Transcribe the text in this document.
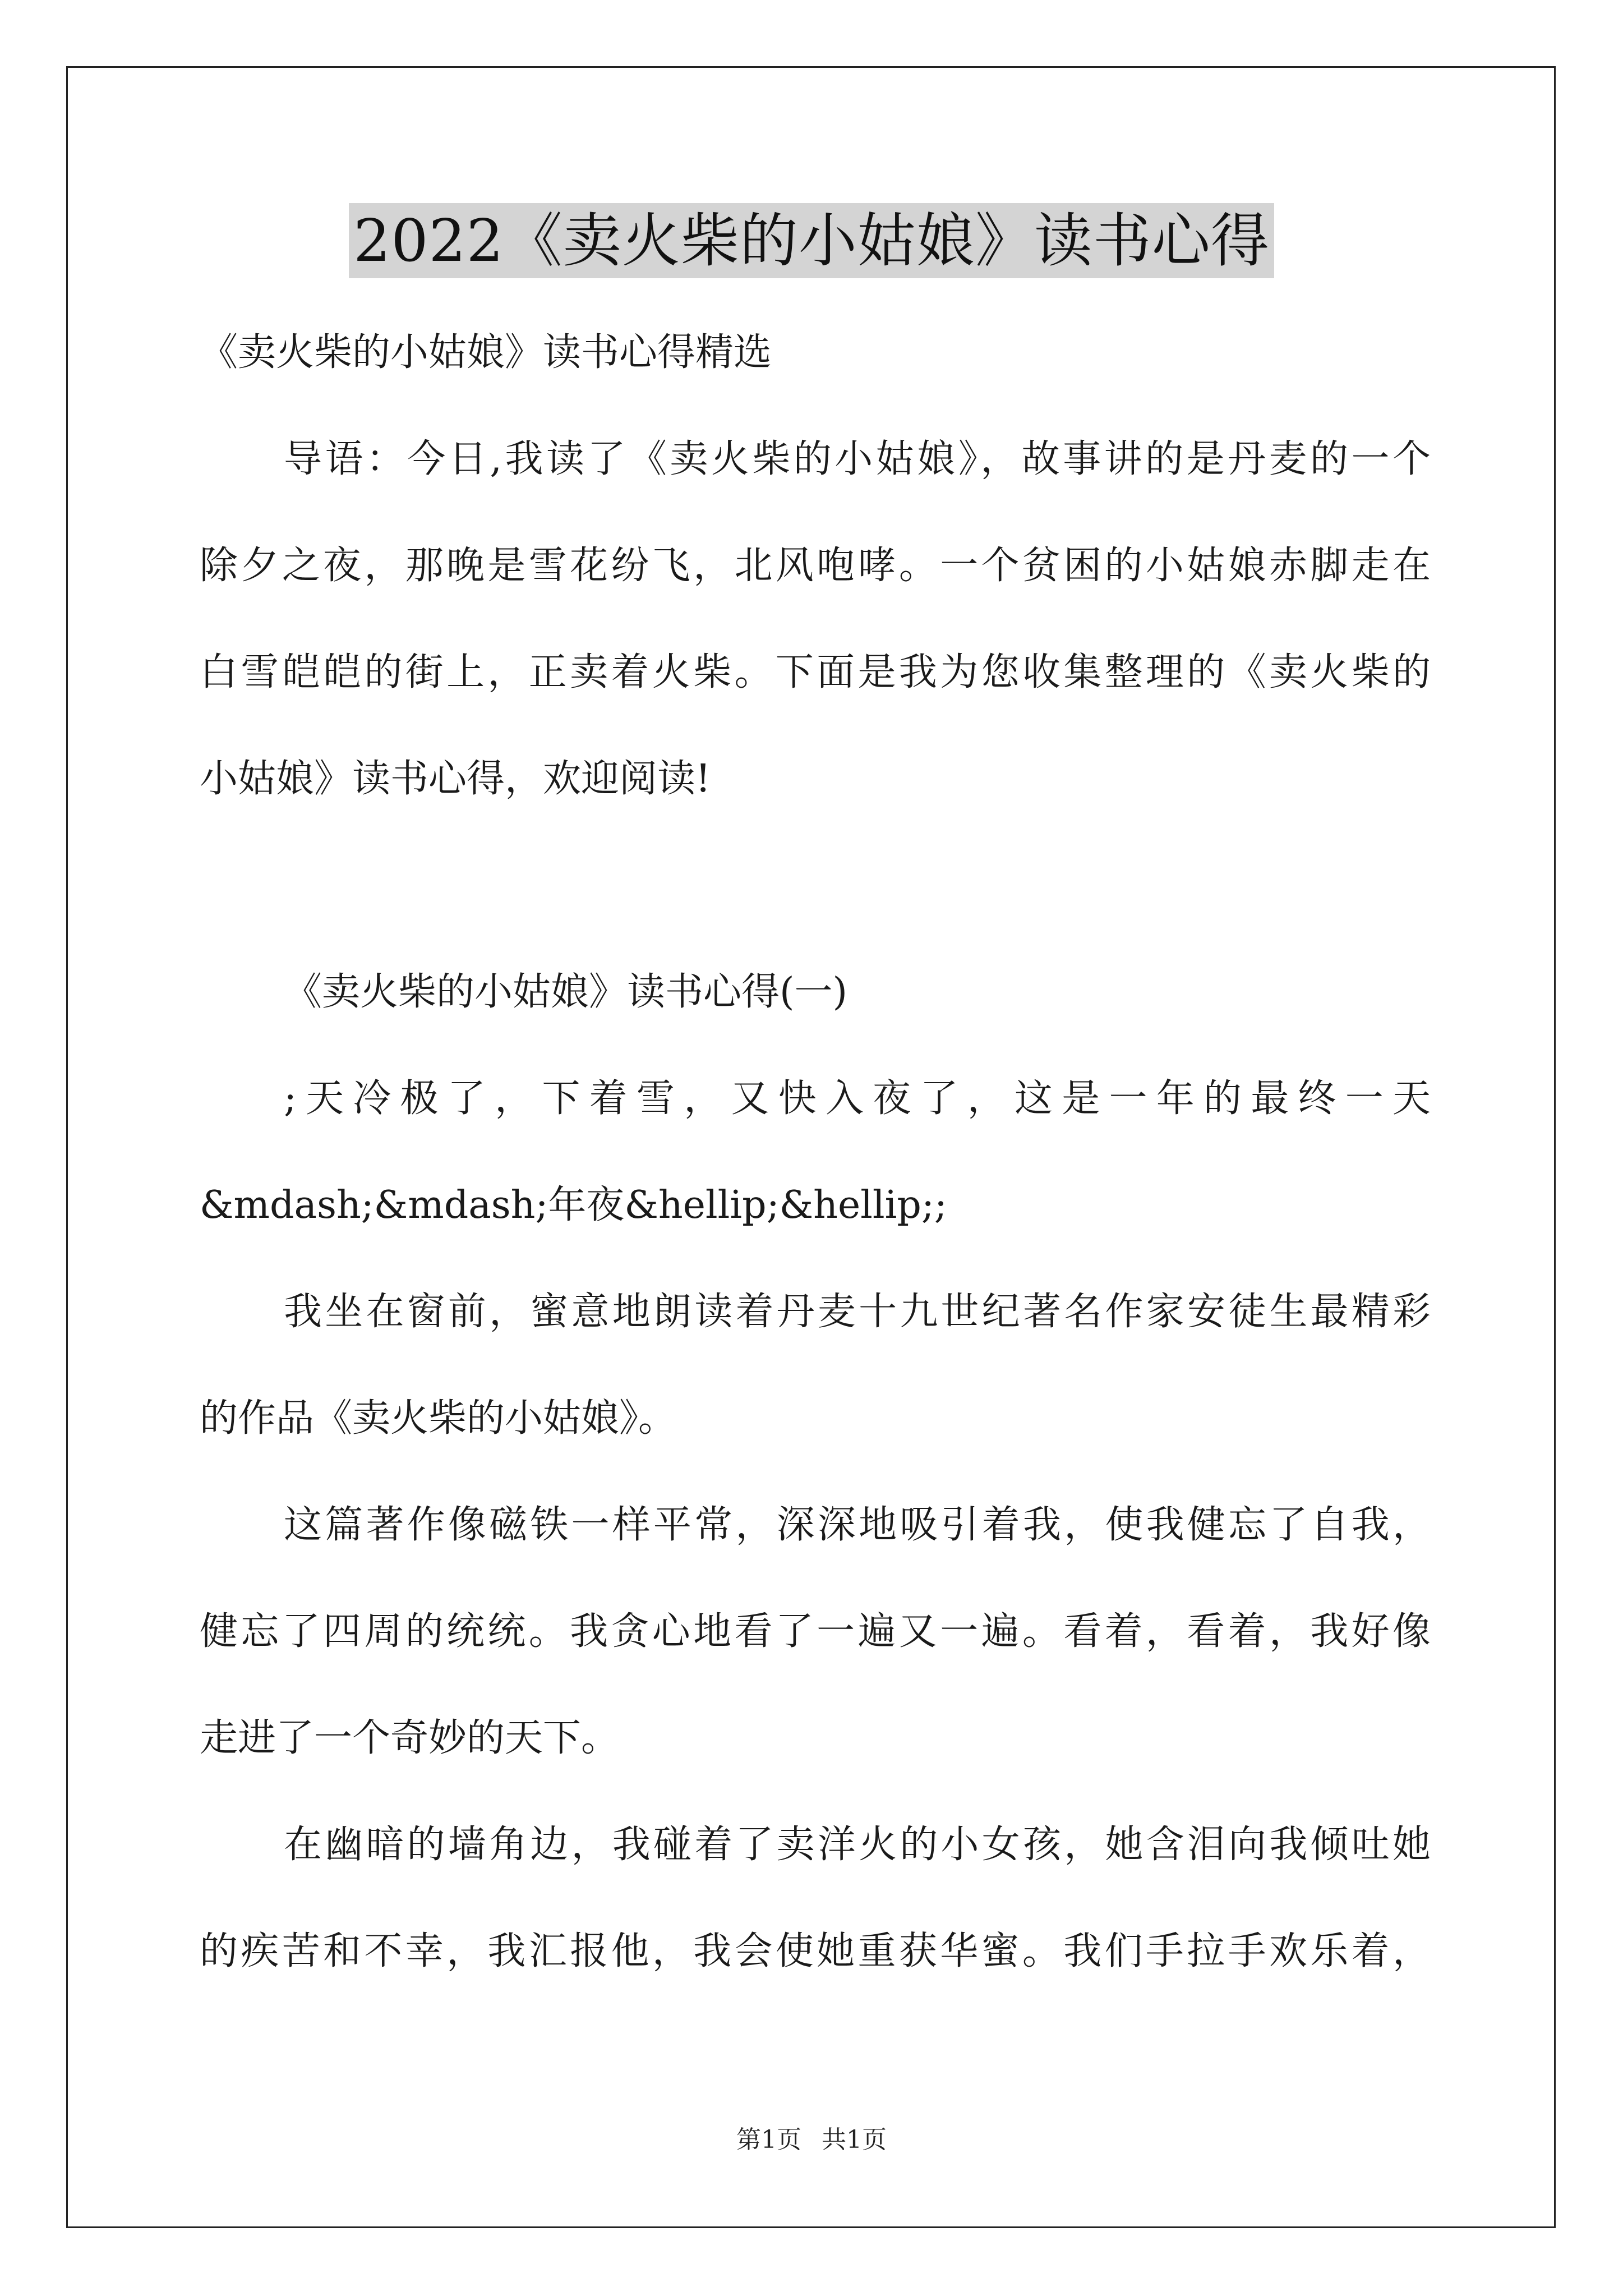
2022《卖火柴的小姑娘》读书心得
《卖火柴的小姑娘》读书心得精选
导语：今日,我读了《卖火柴的小姑娘》，故事讲的是丹麦的一个
除夕之夜，那晚是雪花纷飞，北风咆哮。一个贫困的小姑娘赤脚走在
白雪皑皑的街上，正卖着火柴。下面是我为您收集整理的《卖火柴的
小姑娘》读书心得，欢迎阅读!
《卖火柴的小姑娘》读书心得(一)
;天冷极了，下着雪，又快入夜了，这是一年的最终一天
&mdash;&mdash;年夜&hellip;&hellip;;
我坐在窗前，蜜意地朗读着丹麦十九世纪著名作家安徒生最精彩
的作品《卖火柴的小姑娘》。
这篇著作像磁铁一样平常，深深地吸引着我，使我健忘了自我，
健忘了四周的统统。我贪心地看了一遍又一遍。看着，看着，我好像
走进了一个奇妙的天下。
在幽暗的墙角边，我碰着了卖洋火的小女孩，她含泪向我倾吐她
的疾苦和不幸，我汇报他，我会使她重获华蜜。我们手拉手欢乐着，
第1页 共1页
